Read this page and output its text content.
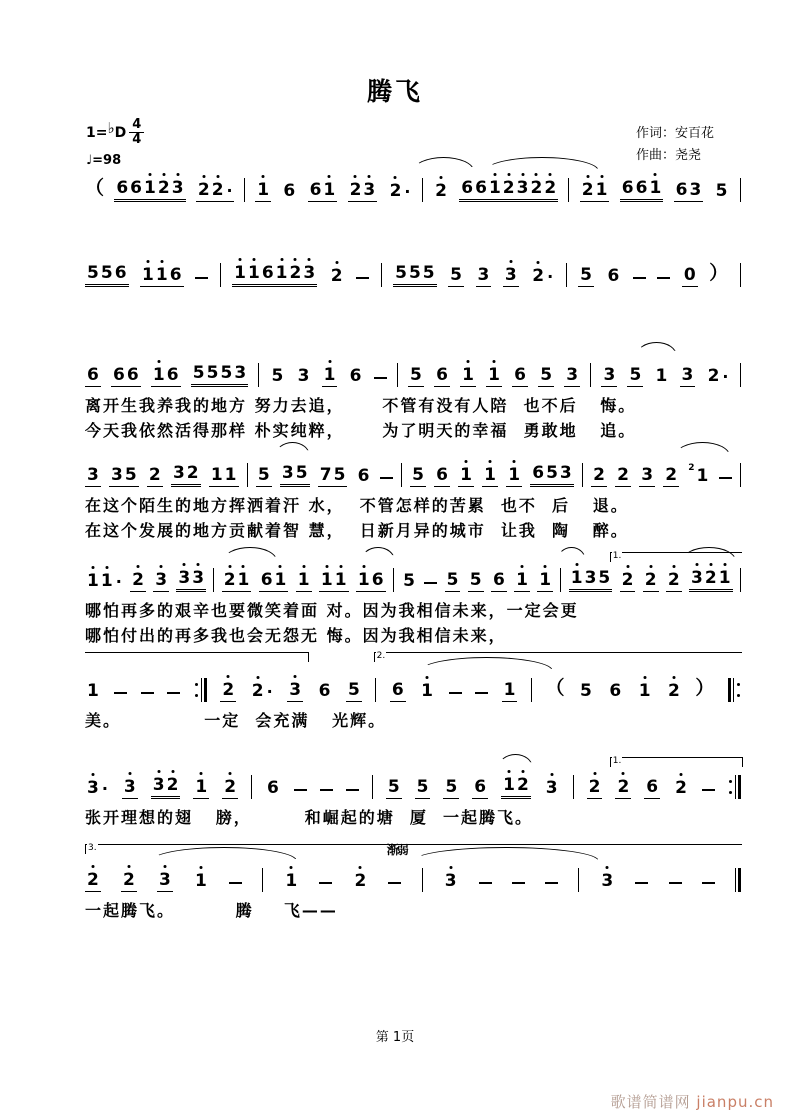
腾飞
1= ♭ D $\frac{4}{4}$
♩=98
作词：安百花
作曲：尧尧
（ 6 6 1 2 3 2 2 · 1 6 6 1 2 3 2 · 2 6 6 1 2 3 2 2 2 1 6 6 1 6 3 5
5 5 6 1 1 6	1 1 6 1 2 3 2	5 5 5 5 3 3 2 · 5 6	0 ）
6 6 6 1 6 5 5 5 3 5 3 1 6	5 6 1 1 6 5 3 3 5 1 3 2 ·
离开生我养我的地方 努力去追，     不管有没有人陪  也不后   悔。
今天我依然活得那样 朴实纯粹，     为了明天的幸福  勇敢地   追。
3 3 5 2 3 2 1 1 5 3 5 7 5 6	5 6 1 1 1 6 5 3 2 2 3 2 2 1
在这个陌生的地方挥洒着汗 水，  不管怎样的苦累  也不  后   退。
在这个发展的地方贡献着智 慧，  日新月异的城市  让我  陶   醉。
1.
1 1 · 2 3 3 3 2 1 6 1 1 1 1 1 6 5 5 5 6 1 1 1 3 5 2 2 2 3 2 1
哪怕再多的艰辛也要微笑着面 对。因为我相信未来，一定会更
哪怕付出的再多我也会无怨无 悔。因为我相信未来，
2.
1	2 2 · 3 6 5 6 1	1 （ 5 6 1 2 ）
美。           一定  会充满   光辉。
1.
3 · 3 3 2 1 2 6	5 5 5 6 1 2 3 2 2 6 2
张开理想的翅   膀，       和崛起的塘  厦  一起腾飞。
3.	渐弱
2 2 3 1	1	2	3	3
一起腾飞。        腾    飞——
第 1页
歌谱简谱网 jianpu.cn
